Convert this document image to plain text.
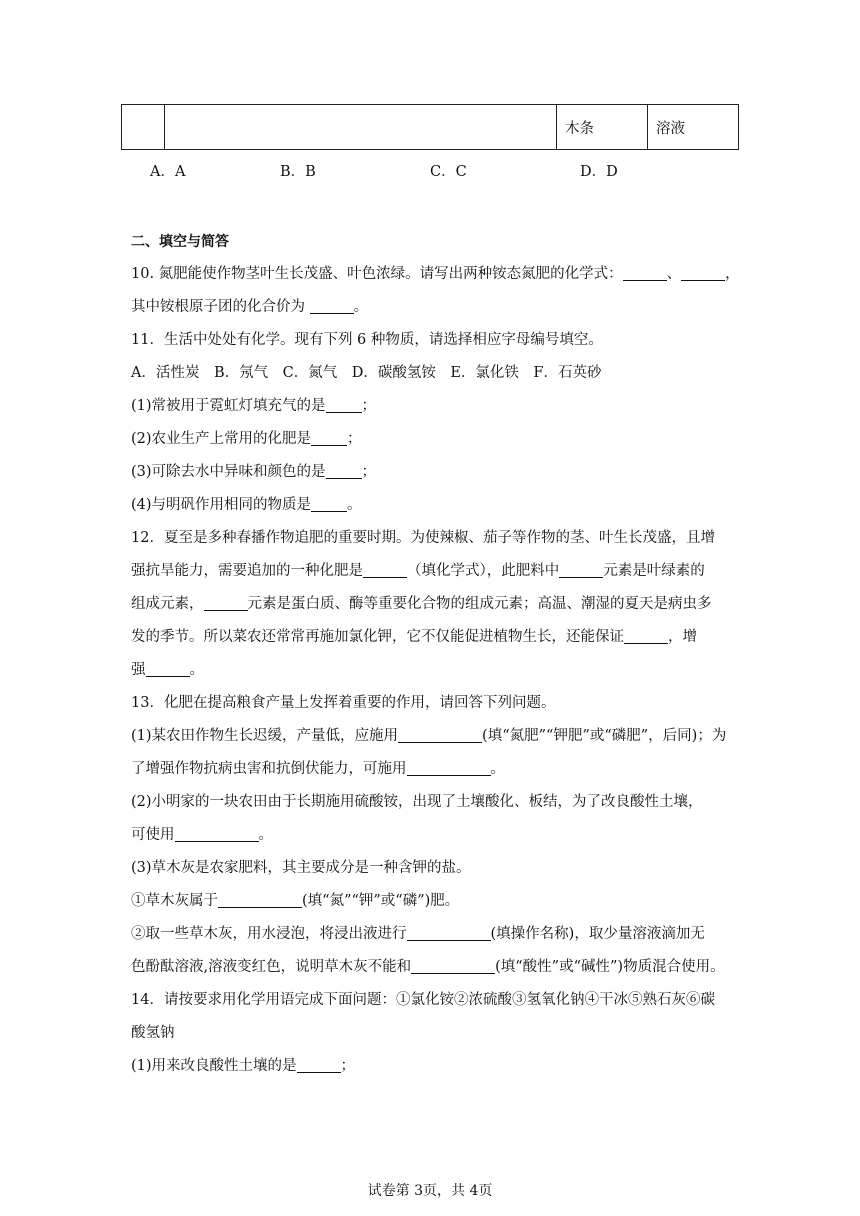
		木条	溶液
A．A	B．B	C．C	D．D
二、填空与简答
10. 氮肥能使作物茎叶生长茂盛、叶色浓绿。请写出两种铵态氮肥的化学式：	、	，
其中铵根原子团的化合价为	。
11．生活中处处有化学。现有下列 6 种物质，请选择相应字母编号填空。
A．活性炭　B．氖气　C．氮气　D．碳酸氢铵　E．氯化铁　F．石英砂
(1)常被用于霓虹灯填充气的是 ；
(2)农业生产上常用的化肥是 ；
(3)可除去水中异味和颜色的是 ；
(4)与明矾作用相同的物质是 。
12．夏至是多种春播作物追肥的重要时期。为使辣椒、茄子等作物的茎、叶生长茂盛，且增
强抗旱能力，需要追加的一种化肥是	（填化学式），此肥料中	元素是叶绿素的
组成元素，	元素是蛋白质、酶等重要化合物的组成元素；高温、潮湿的夏天是病虫多
发的季节。所以菜农还常常再施加氯化钾，它不仅能促进植物生长，还能保证	，增
强	。
13．化肥在提高粮食产量上发挥着重要的作用，请回答下列问题。
(1)某农田作物生长迟缓，产量低，应施用	(填“氮肥”“钾肥”或“磷肥”，后同)；为
了增强作物抗病虫害和抗倒伏能力，可施用	。
(2)小明家的一块农田由于长期施用硫酸铵，出现了土壤酸化、板结，为了改良酸性土壤，
可使用	。
(3)草木灰是农家肥料，其主要成分是一种含钾的盐。
①草木灰属于	(填“氮”“钾”或“磷”)肥。
②取一些草木灰，用水浸泡，将浸出液进行	(填操作名称)，取少量溶液滴加无
色酚酞溶液,溶液变红色，说明草木灰不能和	(填“酸性”或“碱性”)物质混合使用。
14．请按要求用化学用语完成下面问题：①氯化铵②浓硫酸③氢氧化钠④干冰⑤熟石灰⑥碳
酸氢钠
(1)用来改良酸性土壤的是	；
试卷第 3页，共 4页
